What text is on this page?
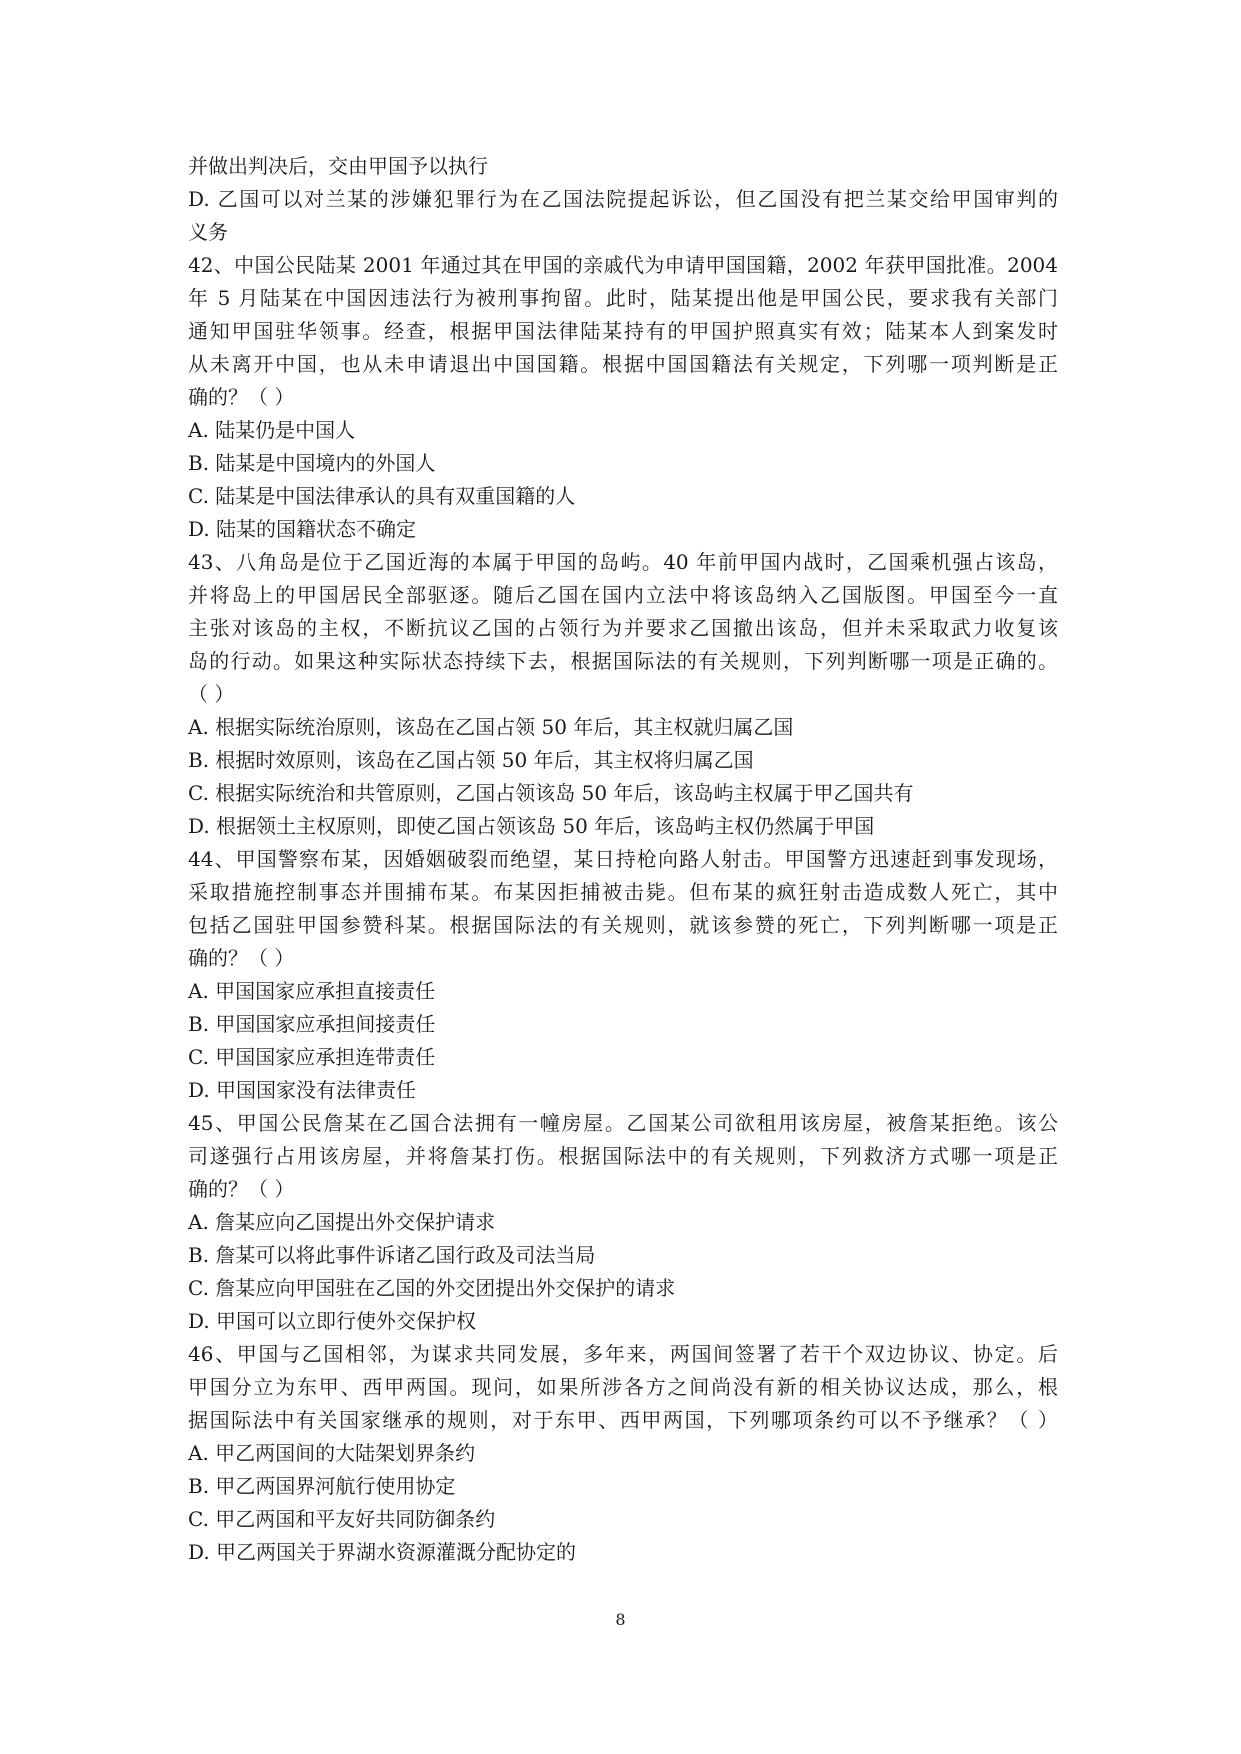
并做出判决后，交由甲国予以执行
D. 乙国可以对兰某的涉嫌犯罪行为在乙国法院提起诉讼，但乙国没有把兰某交给甲国审判的
义务
42、中国公民陆某 2001 年通过其在甲国的亲戚代为申请甲国国籍，2002 年获甲国批准。2004
年 5 月陆某在中国因违法行为被刑事拘留。此时，陆某提出他是甲国公民，要求我有关部门
通知甲国驻华领事。经查，根据甲国法律陆某持有的甲国护照真实有效；陆某本人到案发时
从未离开中国，也从未申请退出中国国籍。根据中国国籍法有关规定，下列哪一项判断是正
确的？（ ）
A. 陆某仍是中国人
B. 陆某是中国境内的外国人
C. 陆某是中国法律承认的具有双重国籍的人
D. 陆某的国籍状态不确定
43、八角岛是位于乙国近海的本属于甲国的岛屿。40 年前甲国内战时，乙国乘机强占该岛，
并将岛上的甲国居民全部驱逐。随后乙国在国内立法中将该岛纳入乙国版图。甲国至今一直
主张对该岛的主权，不断抗议乙国的占领行为并要求乙国撤出该岛，但并未采取武力收复该
岛的行动。如果这种实际状态持续下去，根据国际法的有关规则，下列判断哪一项是正确的。
（ ）
A. 根据实际统治原则，该岛在乙国占领 50 年后，其主权就归属乙国
B. 根据时效原则，该岛在乙国占领 50 年后，其主权将归属乙国
C. 根据实际统治和共管原则，乙国占领该岛 50 年后，该岛屿主权属于甲乙国共有
D. 根据领土主权原则，即使乙国占领该岛 50 年后，该岛屿主权仍然属于甲国
44、甲国警察布某，因婚姻破裂而绝望，某日持枪向路人射击。甲国警方迅速赶到事发现场，
采取措施控制事态并围捕布某。布某因拒捕被击毙。但布某的疯狂射击造成数人死亡，其中
包括乙国驻甲国参赞科某。根据国际法的有关规则，就该参赞的死亡，下列判断哪一项是正
确的？（ ）
A. 甲国国家应承担直接责任
B. 甲国国家应承担间接责任
C. 甲国国家应承担连带责任
D. 甲国国家没有法律责任
45、甲国公民詹某在乙国合法拥有一幢房屋。乙国某公司欲租用该房屋，被詹某拒绝。该公
司遂强行占用该房屋，并将詹某打伤。根据国际法中的有关规则，下列救济方式哪一项是正
确的？（ ）
A. 詹某应向乙国提出外交保护请求
B. 詹某可以将此事件诉诸乙国行政及司法当局
C. 詹某应向甲国驻在乙国的外交团提出外交保护的请求
D. 甲国可以立即行使外交保护权
46、甲国与乙国相邻，为谋求共同发展，多年来，两国间签署了若干个双边协议、协定。后
甲国分立为东甲、西甲两国。现问，如果所涉各方之间尚没有新的相关协议达成，那么，根
据国际法中有关国家继承的规则，对于东甲、西甲两国，下列哪项条约可以不予继承？（ ）
A. 甲乙两国间的大陆架划界条约
B. 甲乙两国界河航行使用协定
C. 甲乙两国和平友好共同防御条约
D. 甲乙两国关于界湖水资源灌溉分配协定的
8
